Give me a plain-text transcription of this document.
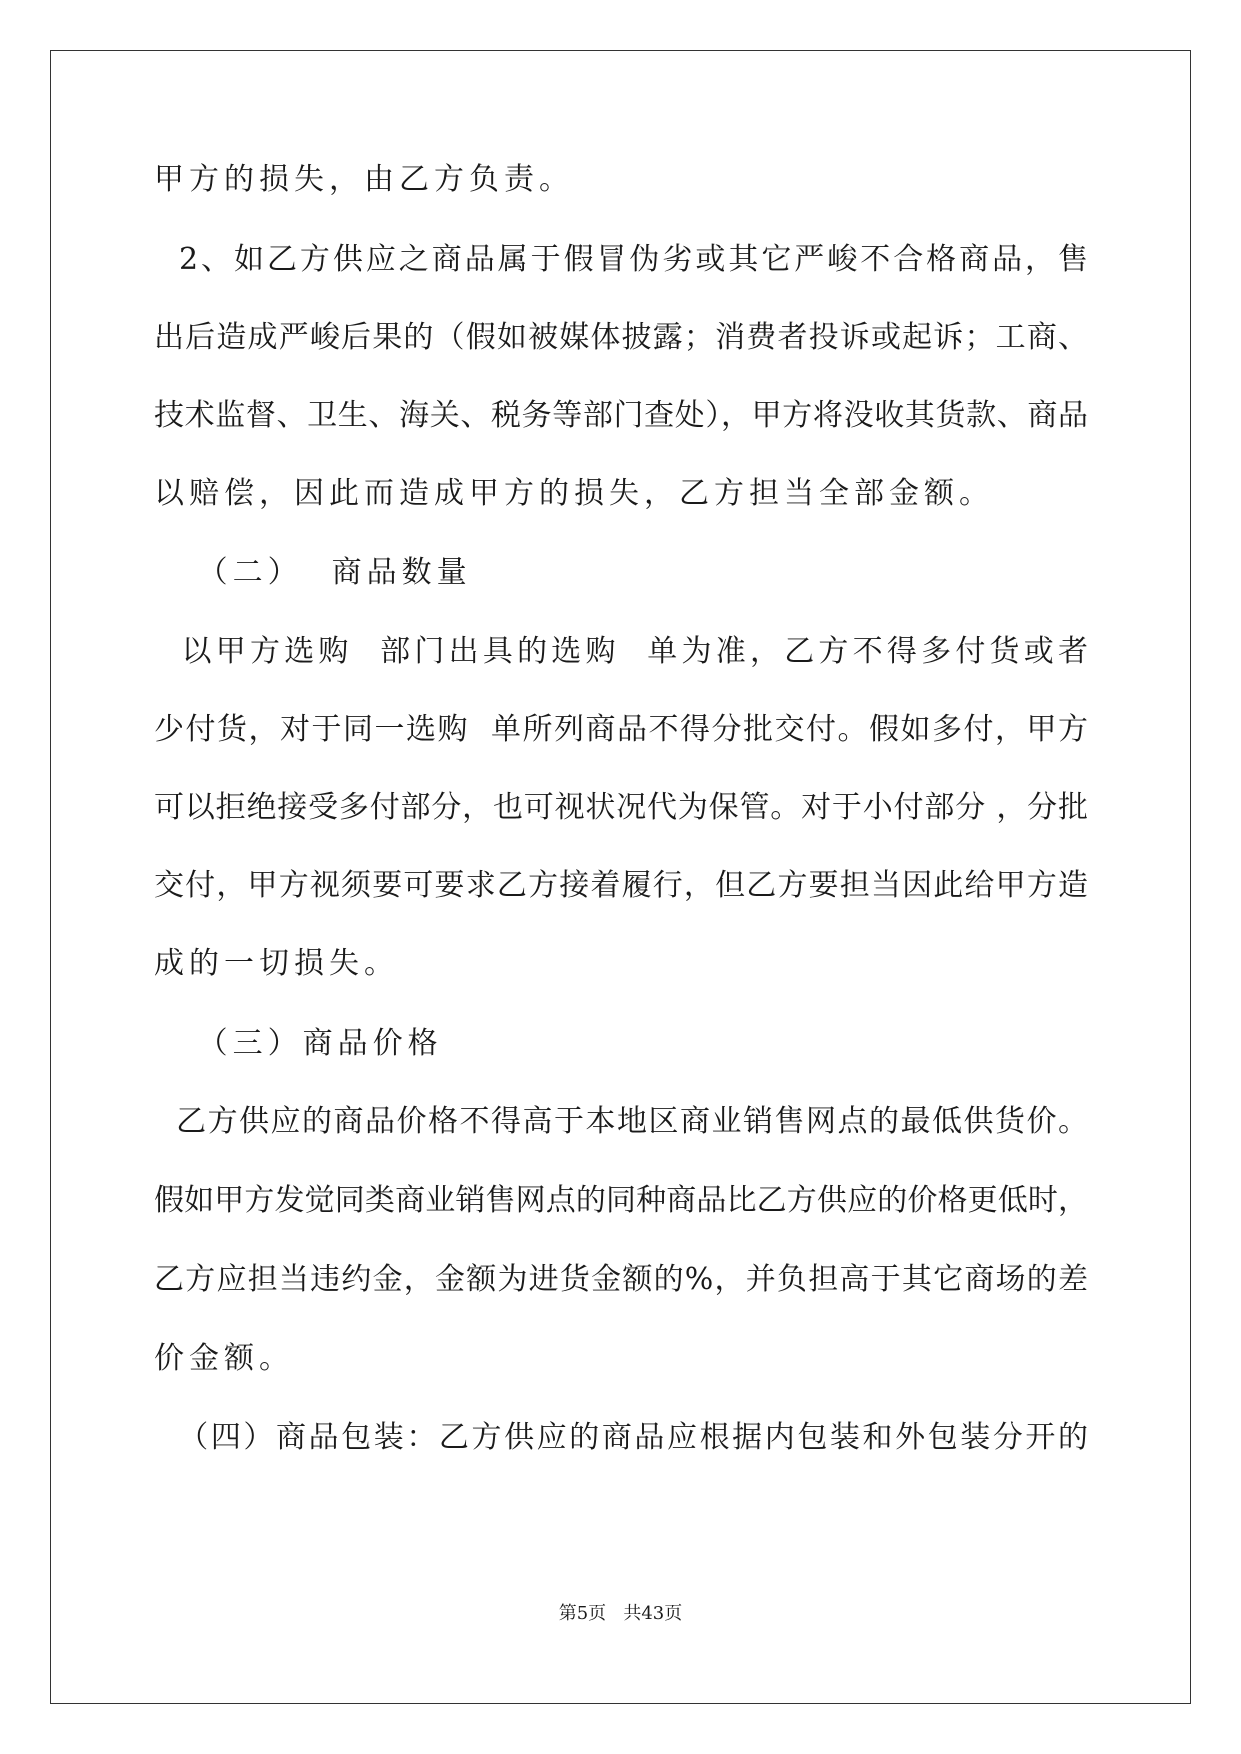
甲方的损失，由乙方负责。
2、如乙方供应之商品属于假冒伪劣或其它严峻不合格商品，售
出后造成严峻后果的（假如被媒体披露；消费者投诉或起诉；工商、
技术监督、卫生、海关、税务等部门查处），甲方将没收其货款、商品
以赔偿，因此而造成甲方的损失，乙方担当全部金额。
（二）  商品数量
以甲方选购  部门出具的选购  单为准，乙方不得多付货或者
少付货，对于同一选购  单所列商品不得分批交付。假如多付，甲方
可以拒绝接受多付部分，也可视状况代为保管。对于小付部分 ，分批
交付，甲方视须要可要求乙方接着履行，但乙方要担当因此给甲方造
成的一切损失。
（三）商品价格
乙方供应的商品价格不得高于本地区商业销售网点的最低供货价。
假如甲方发觉同类商业销售网点的同种商品比乙方供应的价格更低时，
乙方应担当违约金，金额为进货金额的%，并负担高于其它商场的差
价金额。
（四）商品包装：乙方供应的商品应根据内包装和外包装分开的
第5页   共43页
